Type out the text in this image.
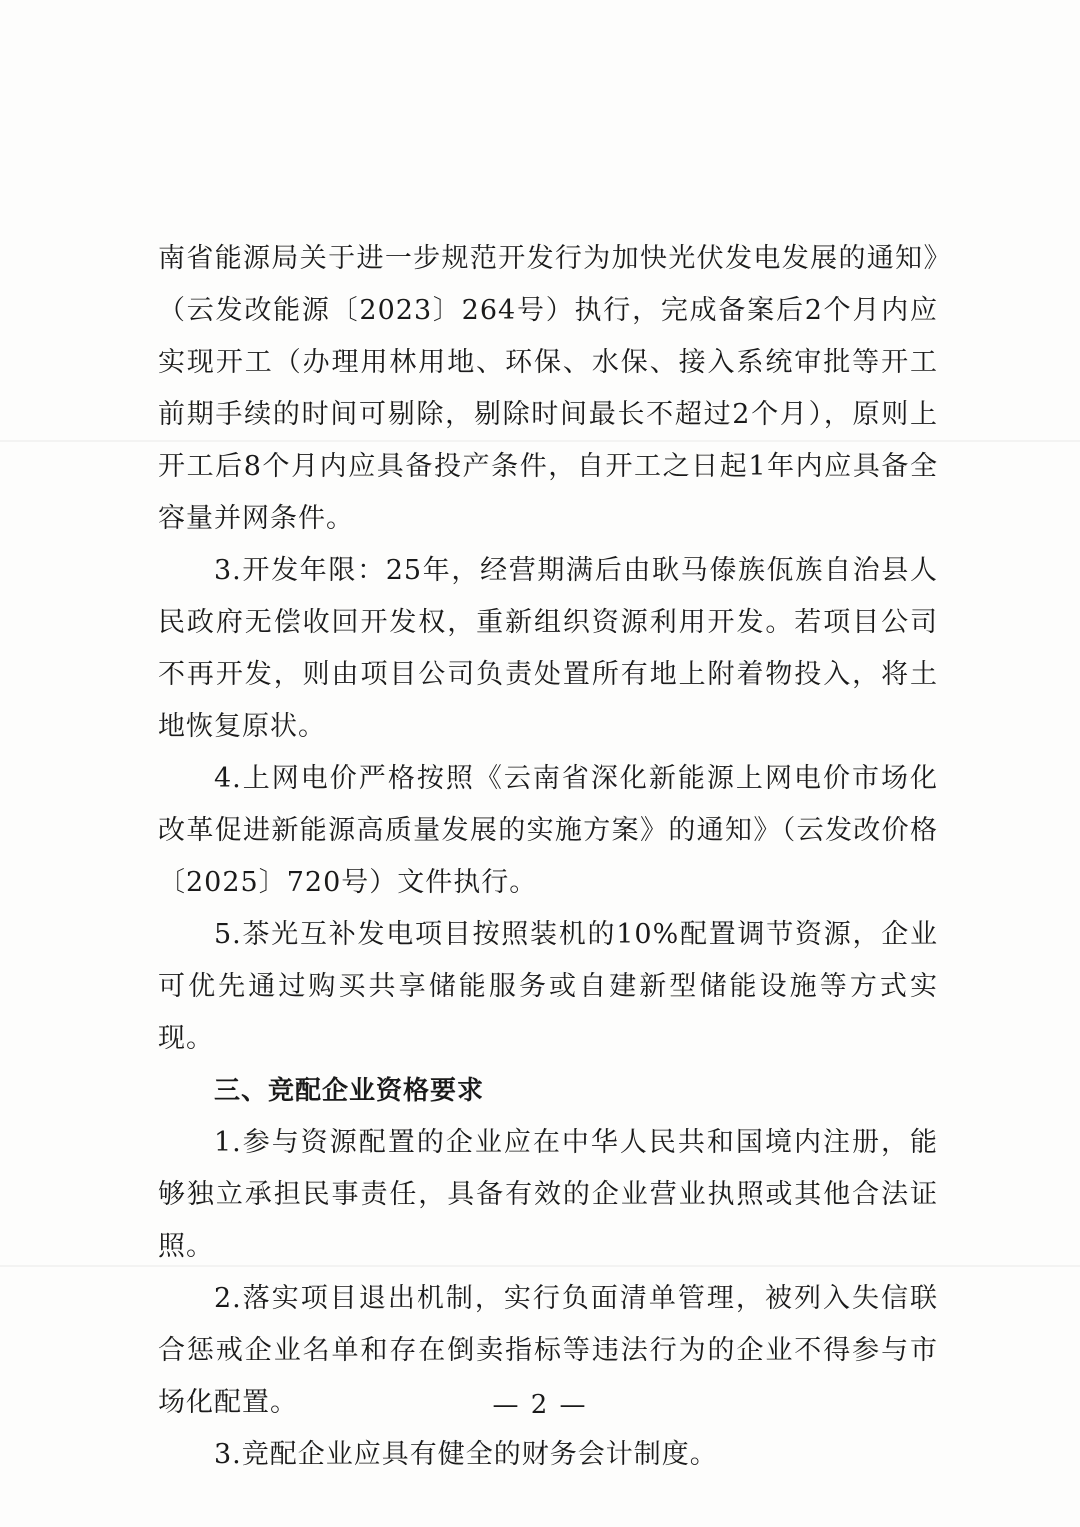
南省能源局关于进一步规范开发行为加快光伏发电发展的通知》（云发改能源〔2023〕264号）执行，完成备案后2个月内应实现开工（办理用林用地、环保、水保、接入系统审批等开工前期手续的时间可剔除，剔除时间最长不超过2个月），原则上开工后8个月内应具备投产条件，自开工之日起1年内应具备全容量并网条件。

3.开发年限：25年，经营期满后由耿马傣族佤族自治县人民政府无偿收回开发权，重新组织资源利用开发。若项目公司不再开发，则由项目公司负责处置所有地上附着物投入，将土地恢复原状。

4.上网电价严格按照《云南省深化新能源上网电价市场化改革促进新能源高质量发展的实施方案》的通知》（云发改价格〔2025〕720号）文件执行。

5.茶光互补发电项目按照装机的10%配置调节资源，企业可优先通过购买共享储能服务或自建新型储能设施等方式实现。

三、竞配企业资格要求

1.参与资源配置的企业应在中华人民共和国境内注册，能够独立承担民事责任，具备有效的企业营业执照或其他合法证照。

2.落实项目退出机制，实行负面清单管理，被列入失信联合惩戒企业名单和存在倒卖指标等违法行为的企业不得参与市场化配置。

3.竞配企业应具有健全的财务会计制度。

— 2 —
